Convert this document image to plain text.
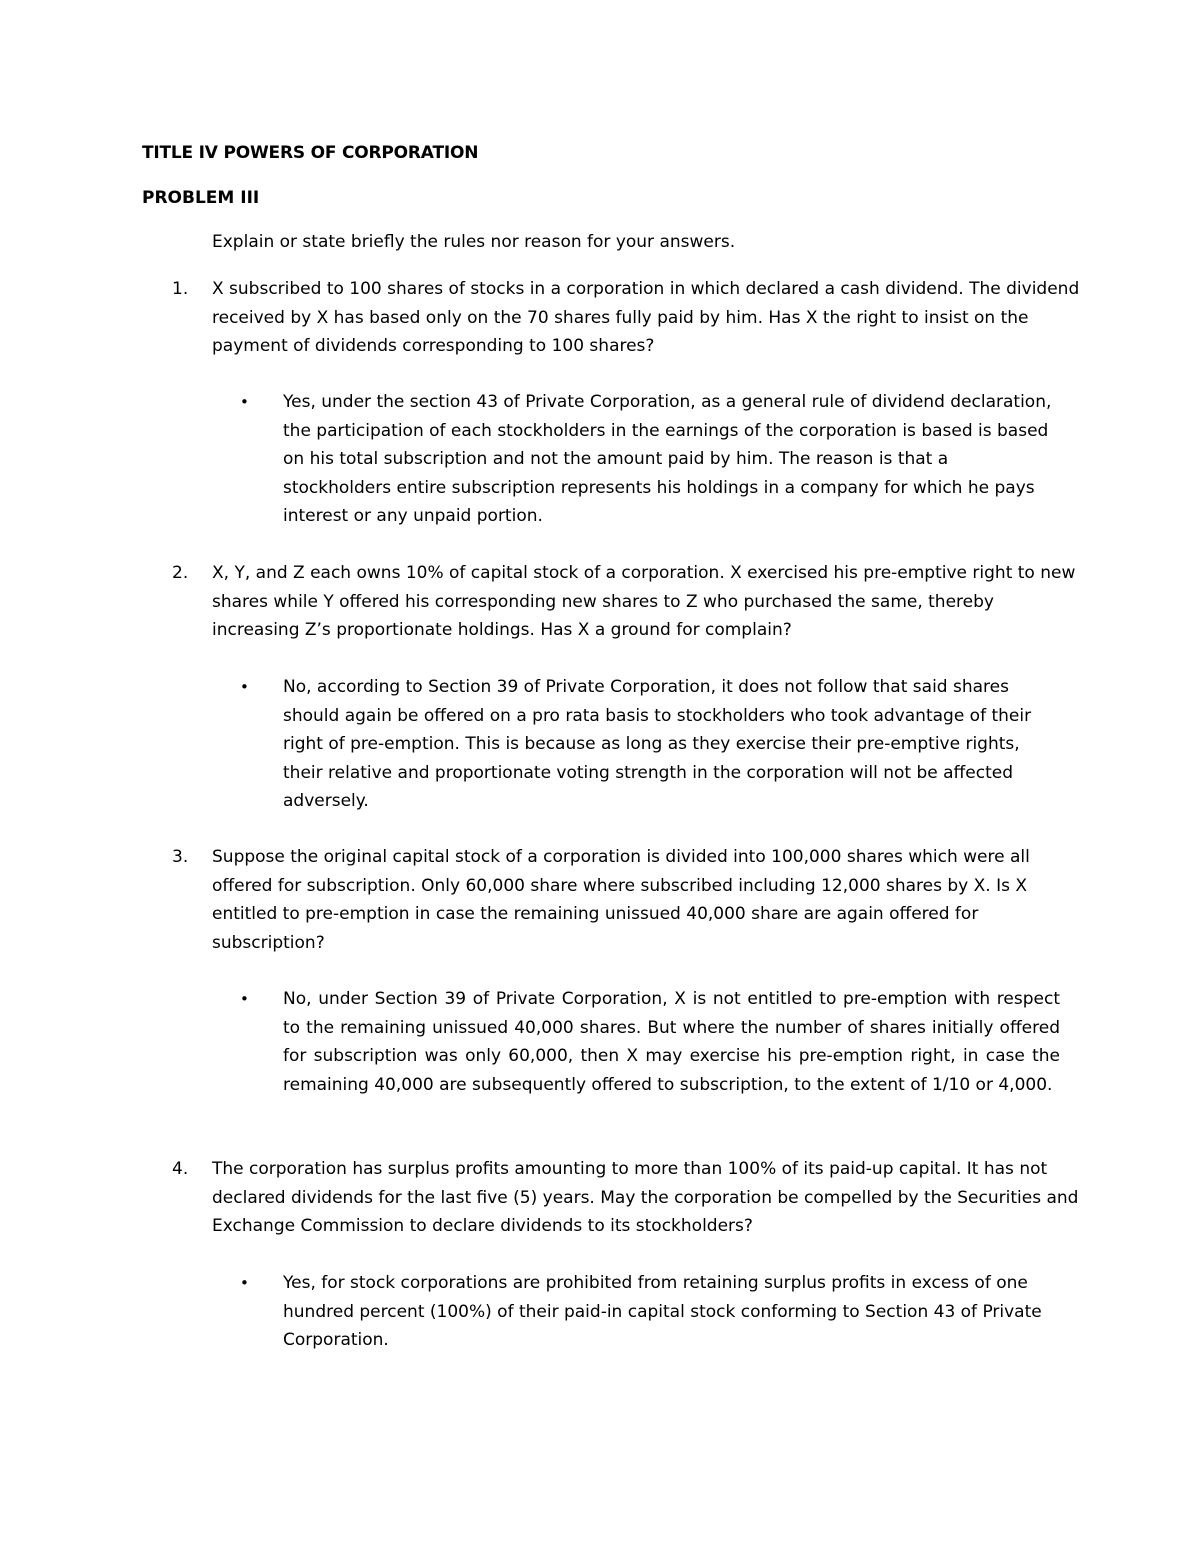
TITLE IV POWERS OF CORPORATION
PROBLEM III
Explain or state briefly the rules nor reason for your answers.
1. X subscribed to 100 shares of stocks in a corporation in which declared a cash dividend. The dividend received by X has based only on the 70 shares fully paid by him. Has X the right to insist on the payment of dividends corresponding to 100 shares?
• Yes, under the section 43 of Private Corporation, as a general rule of dividend declaration, the participation of each stockholders in the earnings of the corporation is based is based on his total subscription and not the amount paid by him. The reason is that a stockholders entire subscription represents his holdings in a company for which he pays interest or any unpaid portion.
2. X, Y, and Z each owns 10% of capital stock of a corporation. X exercised his pre-emptive right to new shares while Y offered his corresponding new shares to Z who purchased the same, thereby increasing Z’s proportionate holdings. Has X a ground for complain?
• No, according to Section 39 of Private Corporation, it does not follow that said shares should again be offered on a pro rata basis to stockholders who took advantage of their right of pre-emption. This is because as long as they exercise their pre-emptive rights, their relative and proportionate voting strength in the corporation will not be affected adversely.
3. Suppose the original capital stock of a corporation is divided into 100,000 shares which were all offered for subscription. Only 60,000 share where subscribed including 12,000 shares by X. Is X entitled to pre-emption in case the remaining unissued 40,000 share are again offered for subscription?
• No, under Section 39 of Private Corporation, X is not entitled to pre-emption with respect to the remaining unissued 40,000 shares. But where the number of shares initially offered for subscription was only 60,000, then X may exercise his pre-emption right, in case the remaining 40,000 are subsequently offered to subscription, to the extent of 1/10 or 4,000.
4. The corporation has surplus profits amounting to more than 100% of its paid-up capital. It has not declared dividends for the last five (5) years. May the corporation be compelled by the Securities and Exchange Commission to declare dividends to its stockholders?
• Yes, for stock corporations are prohibited from retaining surplus profits in excess of one hundred percent (100%) of their paid-in capital stock conforming to Section 43 of Private Corporation.
